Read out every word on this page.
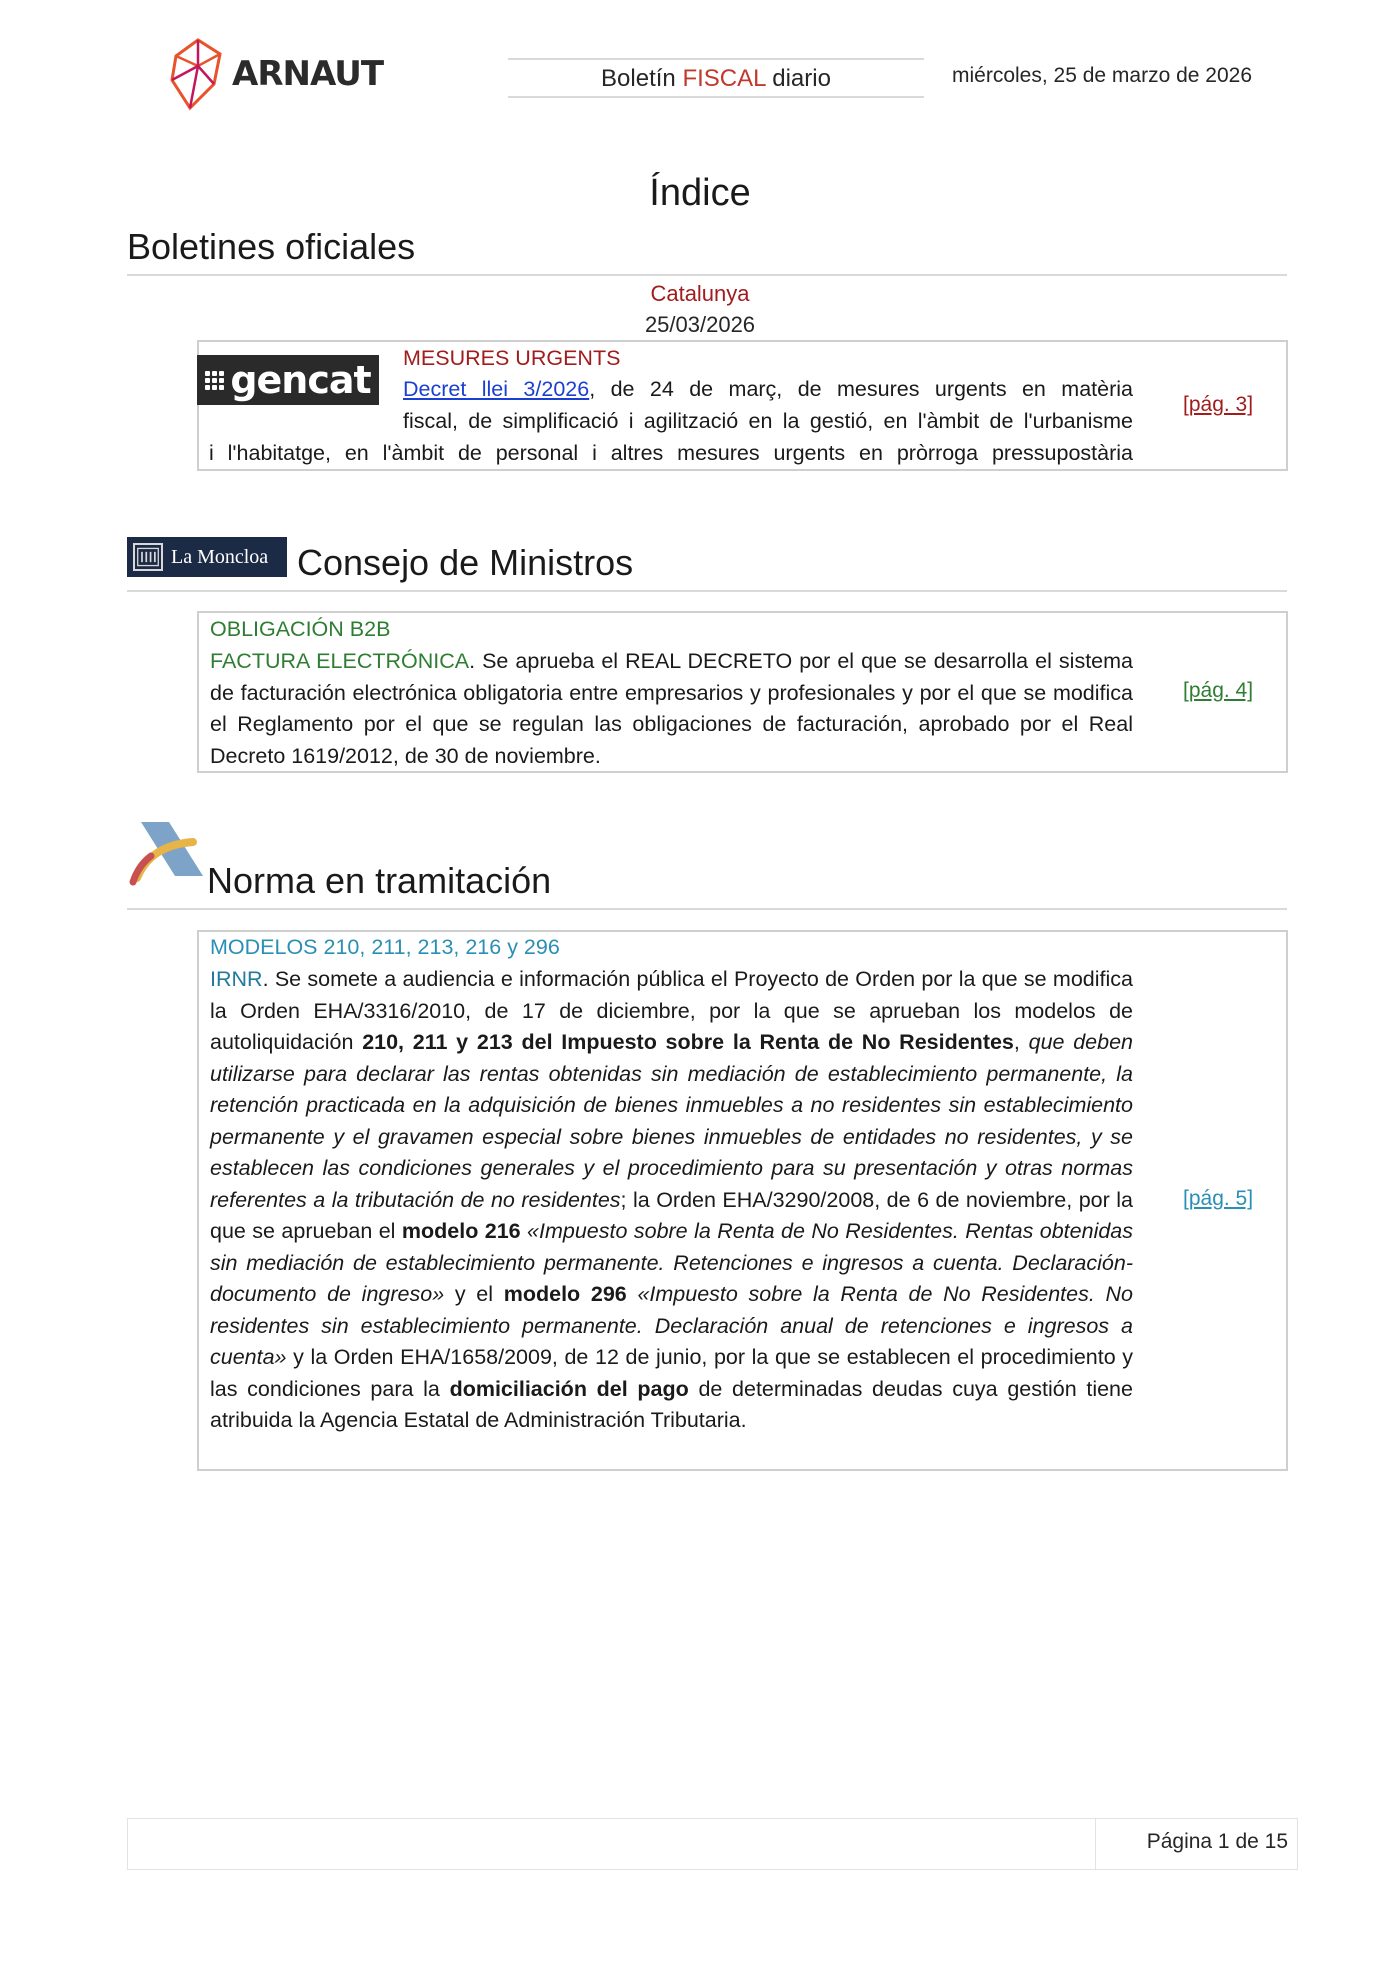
ARNAUT	Boletín FISCAL diario	miércoles, 25 de marzo de 2026
Índice
Boletines oficiales
Catalunya
25/03/2026
gencat MESURES URGENTS
Decret llei 3/2026, de 24 de març, de mesures urgents en matèria
fiscal, de simplificació i agilització en la gestió, en l'àmbit de l'urbanisme
i l'habitatge, en l'àmbit de personal i altres mesures urgents en pròrroga pressupostària
[pág. 3]
La Moncloa Consejo de Ministros
OBLIGACIÓN B2B
FACTURA ELECTRÓNICA. Se aprueba el REAL DECRETO por el que se desarrolla el sistema de facturación electrónica obligatoria entre empresarios y profesionales y por el que se modifica el Reglamento por el que se regulan las obligaciones de facturación, aprobado por el Real Decreto 1619/2012, de 30 de noviembre.
[pág. 4]
Norma en tramitación
MODELOS 210, 211, 213, 216 y 296
IRNR. Se somete a audiencia e información pública el Proyecto de Orden por la que se modifica la Orden EHA/3316/2010, de 17 de diciembre, por la que se aprueban los modelos de autoliquidación 210, 211 y 213 del Impuesto sobre la Renta de No Residentes, que deben utilizarse para declarar las rentas obtenidas sin mediación de establecimiento permanente, la retención practicada en la adquisición de bienes inmuebles a no residentes sin establecimiento permanente y el gravamen especial sobre bienes inmuebles de entidades no residentes, y se establecen las condiciones generales y el procedimiento para su presentación y otras normas referentes a la tributación de no residentes; la Orden EHA/3290/2008, de 6 de noviembre, por la que se aprueban el modelo 216 «Impuesto sobre la Renta de No Residentes. Rentas obtenidas sin mediación de establecimiento permanente. Retenciones e ingresos a cuenta. Declaración-documento de ingreso» y el modelo 296 «Impuesto sobre la Renta de No Residentes. No residentes sin establecimiento permanente. Declaración anual de retenciones e ingresos a cuenta» y la Orden EHA/1658/2009, de 12 de junio, por la que se establecen el procedimiento y las condiciones para la domiciliación del pago de determinadas deudas cuya gestión tiene atribuida la Agencia Estatal de Administración Tributaria.
[pág. 5]
Página 1 de 15
